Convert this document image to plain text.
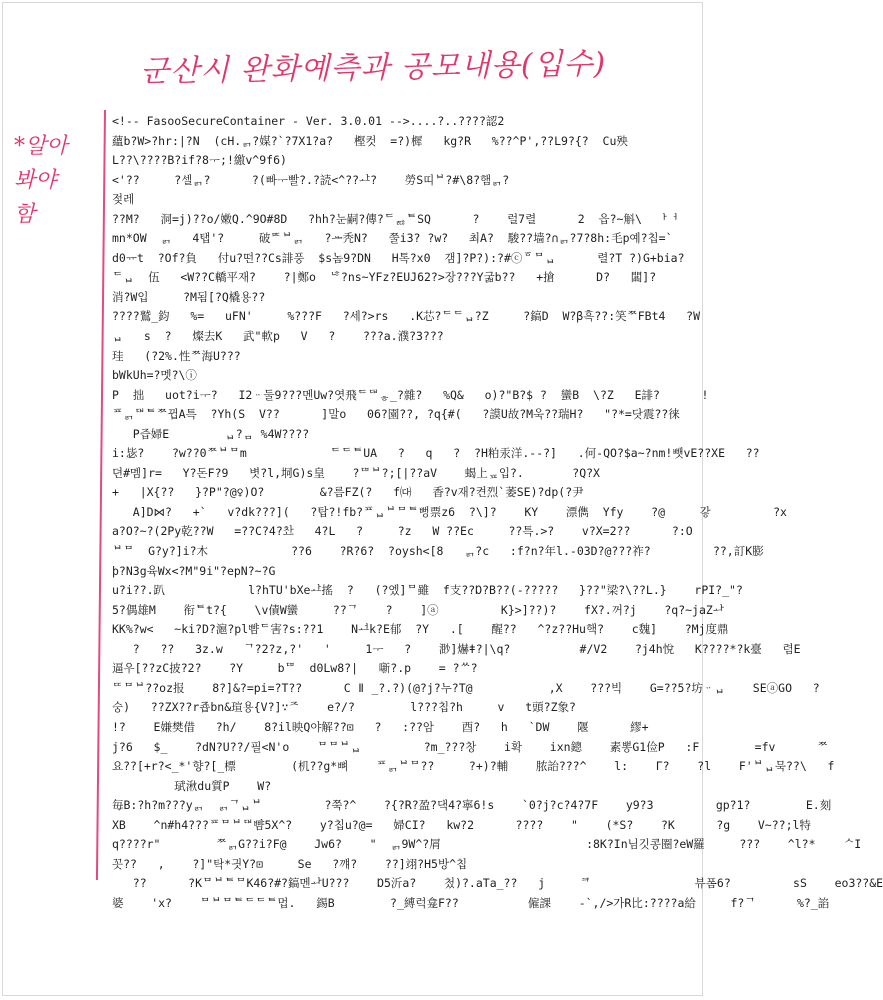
군산시 완화예측과 공모내용(입수)
*알아
봐야
함
<!-- FasooSecureContainer - Ver. 3.0.01 -->....?..????認2
蘊b?W>?hr:|?N  (cH.ᆰ?媒?`?7X1?a?   樫컷  =?)樨   kg?R   %??^P',??L9?{?  Cu殃
L??\????B?if?8ᅮ;!繳v^9f6)
<'??     ?셀ᆰ?      ?(빠ᅮ빨?.?読<^??ᅶ?    勞S띠ᄇ?#\8?햄ᆰ?
젖레
??M?   洞=j)??o/嫩Q.^9O#8D   ?hh?눈嗣?傳?ᄃᇏᄐSQ      ?    럴7렬      2  읍?~斛\  ᅡᅥ
mn*OW  ᆰ   4탭'?     破ᄆᄃᄇᆰ   ?ᅭ秃N?   쭐i3? ?w?   최A?  駿??墙?∩ᆰ?7?8h:毛p예?칩=`
d0ᅲt  ?Of?負   付u?떤??Cs誹풍  $s놈9?DN   H톡?x0  갬]?P?):?#ⓒᅙᄆᆸ      렬?T ?)G+bia?
ᄃᆸ  伍   <W??C轎平재?    ?|鄭o  ᅝ?ns~YFz?EUJ62?>장???Y굷b??   +搶      D?   闆]?
消?W입     ?M됨[?Q橇용??
????鷲_鈞   %=   uFN'     %???F   ?세?>rs   .K芯?ᄃᄃᆸ?Z     ?鎬D  W?β흑??:笑ᄍFBt4   ?W
ᆸ   s  ?   燦去K   武"軟p   V   ?    ???a.濮?3???
珪   (?2%.性ᄍ海U???
bWkUh=?멧?\ⓘ
P  拙   uot?iᅮ?   I2ᆢ둘9???멘Uw?엿飛ᄃᄃᄇᇂ_?雜?   %Q&   o)?"B?$ ?  蠻B  \?Z   E誹?      !
ᄑᆰᄃᄇᄐᄍ뀝A특  ?Yh(S  V??      ]말o   06?園??, ?q{#(   ?謨U故?M욱??瑞H?   "?*=닷震??徕
P즙婦E        ᆸ?ᆷ %4W????
i:毖?    ?w??0ᄍᄇᄆm            ᄃᄃᄐUA   ?   q   ?  ?H粕汞洋.--?]   .何-QO?$a~?nm!뺏vE??XE   ??
뎐#멤]r=   Y?돈F?9   볏?l,垌G)s皇    ?ᄃᄆᄇ?;[|??aV    蝎上ᇁ입?.       ?Q?X
+   |X{??   }?P"?@♀)O?        &?름FZ(?   f㈐   香?v재?켠烈`萎SE)?dp(?尹
A]D⋈?   +`   v?dk???](   ?탑?!fb?ᄑᆸᄇᄆᄐ뻥票z6  ?\]?    KY    漂儁  Yfy    ?@     갛         ?x
a?O?~?(2Py乾??W   =??C?4?ᄎᅶ   4?L   ?     ?z   W ??Ec     ??특.>?    v?X=2??      ?:O
ᄇᄆ  G?y?]i?木            ??6    ?R?6?  ?oysh<[8   ᆰ?c   :f?n?年l.-03D?@???祚?         ??,訂K膨
þ?N3g육Wx<?M"9i"?epN?~?G
u?i??.趴            l?hTU'bXeᅶ搖  ?   (?엤]ᄆ雖  f支??Ɒ?B??(-?????   }??"梁?\??L.}    rPI?_"?
5?偶雄M    衔ᄐt?{    \v債W蠻     ??ᄀ    ?    ]ⓐ         K}>]??)?    fX?.꺼?j    ?q?~jaZᅪ
KK%?w<   ~ki?D?滬?pl뺨ᄃ害?s:??1    Nᅺk?E郁  ?Y   .[    醒??   ^?z??Hu핵?    c魏]    ?Mj度鼎
?   ??   3z.w   ᄀ?2?z,?'   '     1ᅮ   ?    渺]爀ǂ?|\q?          #/V2    ?j4h悅   K????*?k臺   렴E
逼우[??zC披?2?    ?Y     bᄃᄆ  d0Lw8?|   噺?.p    = ?ᄊ?
ᄄᄆᄇ??oz报    8?]&?=pi=?T??      C ǁ _?.?)(@?j?누?T@           ,X    ???빅    G=??5?坊ᆢᆸ    SEⓐGO   ?
숭)   ??ZX??r죱bn&瑄용{V?]∵ᄌ    e?/?        l???칩?h     v   t頭?Z象?
!?    E嫌樊借   ?h/    8?il映Q야解??⊡   ?   :??암    酉?   h   `DW    隁      繆+
j?6   $_    ?dN?U??/필<N'o    ᄆᄆᄇᆸ         ?m_???창    i확    ixn鏓    素뽕G1俭P   :F        =fv      ᄍ
요??[+r?<_*'향?[_標        (机??g*뼈    ᄑᆰᄇᄆ??     ?+)?輔    脓詒???^    l:    Γ?    ?l    F'ᄇᆸ묵??\   f
珷湫du質P    W?
毎B:?h?m???yᆰ  ᆰᄀᆸᄇ         ?쭉?^    ?{?R?盈?댁4?寧6!s    `0?j?c?4?7F    y9?3         gp?1?        E.刻
XB    ^n#h4???ᄑᄆᄇᄃᄇ뺨5X^?    y?칩u?@=   婦CI?   kw?2      ????    "    (*S?    ?K      ?g    V~??;l特
q????r"        ᄍᆰG??i?F@    Jw6?    "  ᆰ9W^?屑                     :8K?In님깃콩圈?eW羅     ???    ^l?*    ᄉI
꼿??   ,    ?]"탁*긧Y?⊡     Se   ?꺠?    ??]翊?H5방^칩
??      ?KᄆᄇᄐᄆK46?#?鎬멘ᅪU???    Ɒ5沂a?    첬)?.aTa_??   j     ᄏ               뷰폼6?         sS    eo3??&E
婆    'x?    ᄆᄇᄆᄐᄃᄃᄐ멉.   錫B        ?_縛럭龛F??          僱課    -`,/>가R比:????a給     f?ᄀ      %?_諂
